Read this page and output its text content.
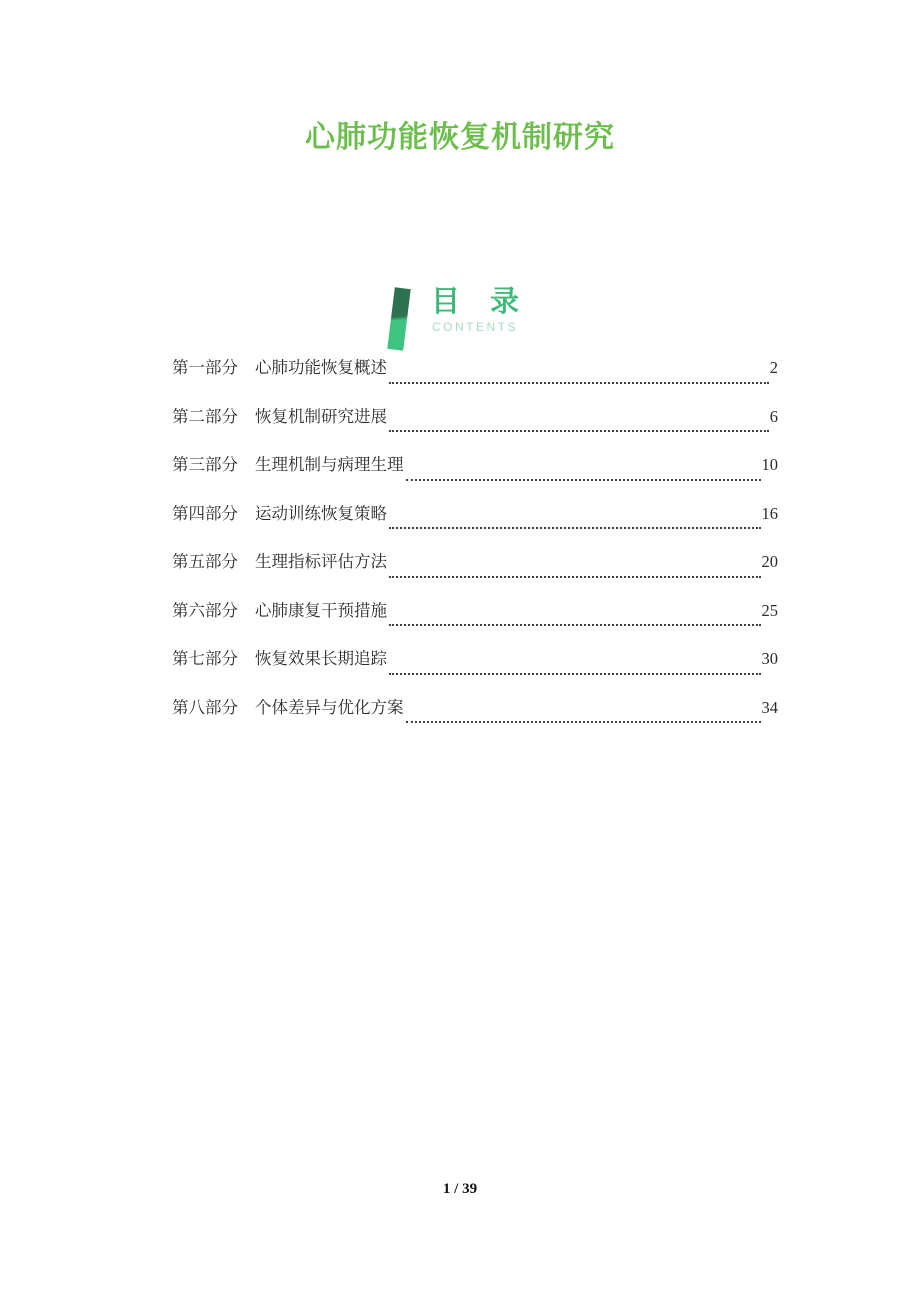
心肺功能恢复机制研究
目 录
CONTENTS
第一部分 心肺功能恢复概述	2
第二部分 恢复机制研究进展	6
第三部分 生理机制与病理生理	10
第四部分 运动训练恢复策略	16
第五部分 生理指标评估方法	20
第六部分 心肺康复干预措施	25
第七部分 恢复效果长期追踪	30
第八部分 个体差异与优化方案	34
1 / 39
